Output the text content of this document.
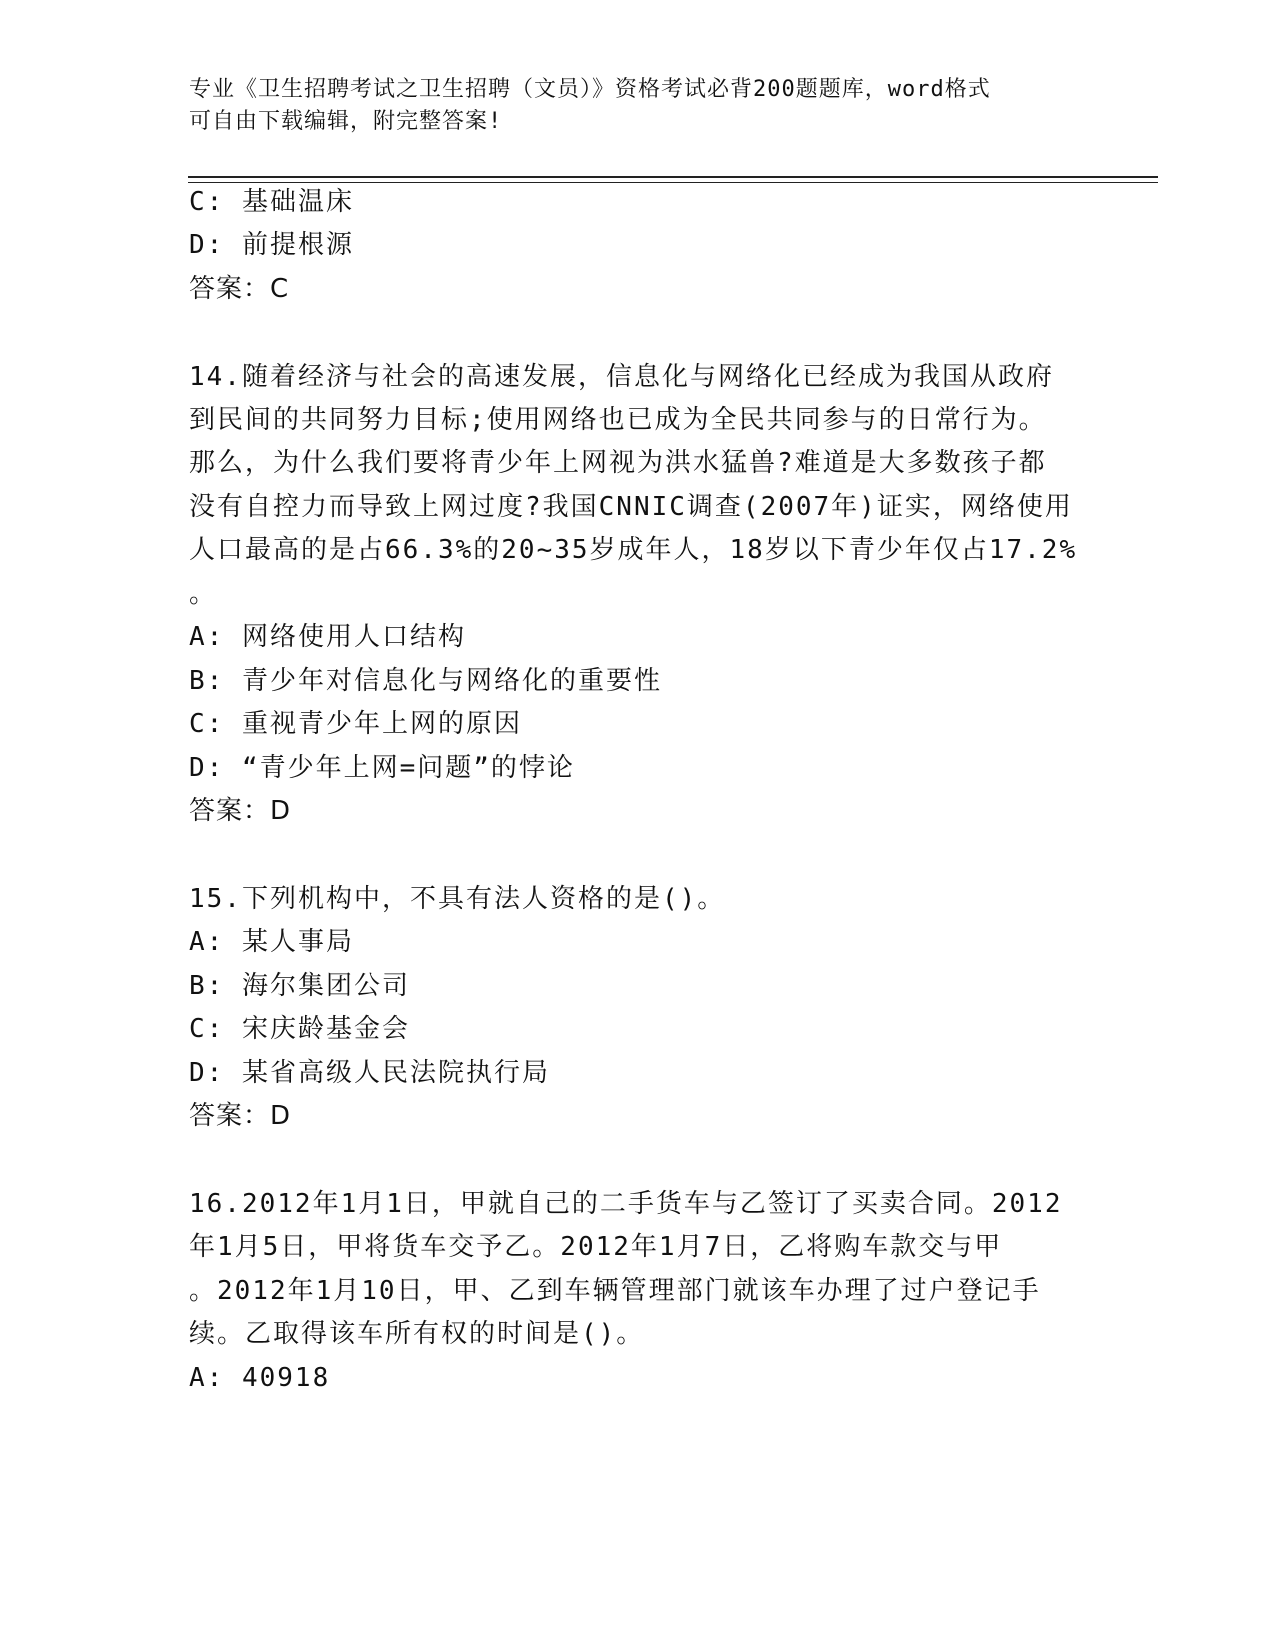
专业《卫生招聘考试之卫生招聘（文员）》资格考试必背200题题库，word格式
可自由下载编辑，附完整答案!
C: 基础温床
D: 前提根源
答案：C
14.随着经济与社会的高速发展，信息化与网络化已经成为我国从政府
到民间的共同努力目标;使用网络也已成为全民共同参与的日常行为。
那么，为什么我们要将青少年上网视为洪水猛兽?难道是大多数孩子都
没有自控力而导致上网过度?我国CNNIC调查(2007年)证实，网络使用
人口最高的是占66.3%的20~35岁成年人，18岁以下青少年仅占17.2%
。
A: 网络使用人口结构
B: 青少年对信息化与网络化的重要性
C: 重视青少年上网的原因
D: “青少年上网=问题”的悖论
答案：D
15.下列机构中，不具有法人资格的是()。
A: 某人事局
B: 海尔集团公司
C: 宋庆龄基金会
D: 某省高级人民法院执行局
答案：D
16.2012年1月1日，甲就自己的二手货车与乙签订了买卖合同。2012
年1月5日，甲将货车交予乙。2012年1月7日，乙将购车款交与甲
。2012年1月10日，甲、乙到车辆管理部门就该车办理了过户登记手
续。乙取得该车所有权的时间是()。
A: 40918
